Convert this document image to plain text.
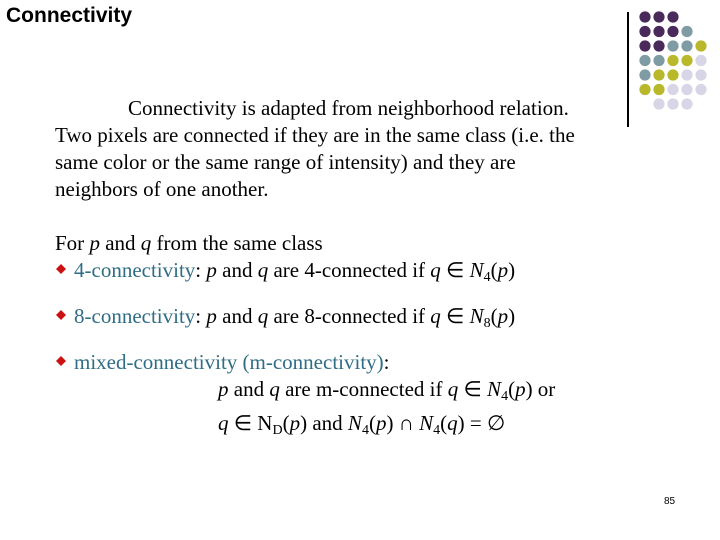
Connectivity

Connectivity is adapted from neighborhood relation.

Two pixels are connected if they are in the same class (i.e. the

same color or the same range of intensity) and they are

neighbors of one another.

For p and q from the same class

4-connectivity: p and q are 4-connected if q ∈ $N_4(p)$

8-connectivity: p and q are 8-connected if q ∈ $N_8(p)$

mixed-connectivity (m-connectivity):

p and q are m-connected if q ∈ $N_4(p)$ or

q ∈ $N_D(p)$ and $N_4(p)$ ∩ $N_4(q)$ = ∅

85
